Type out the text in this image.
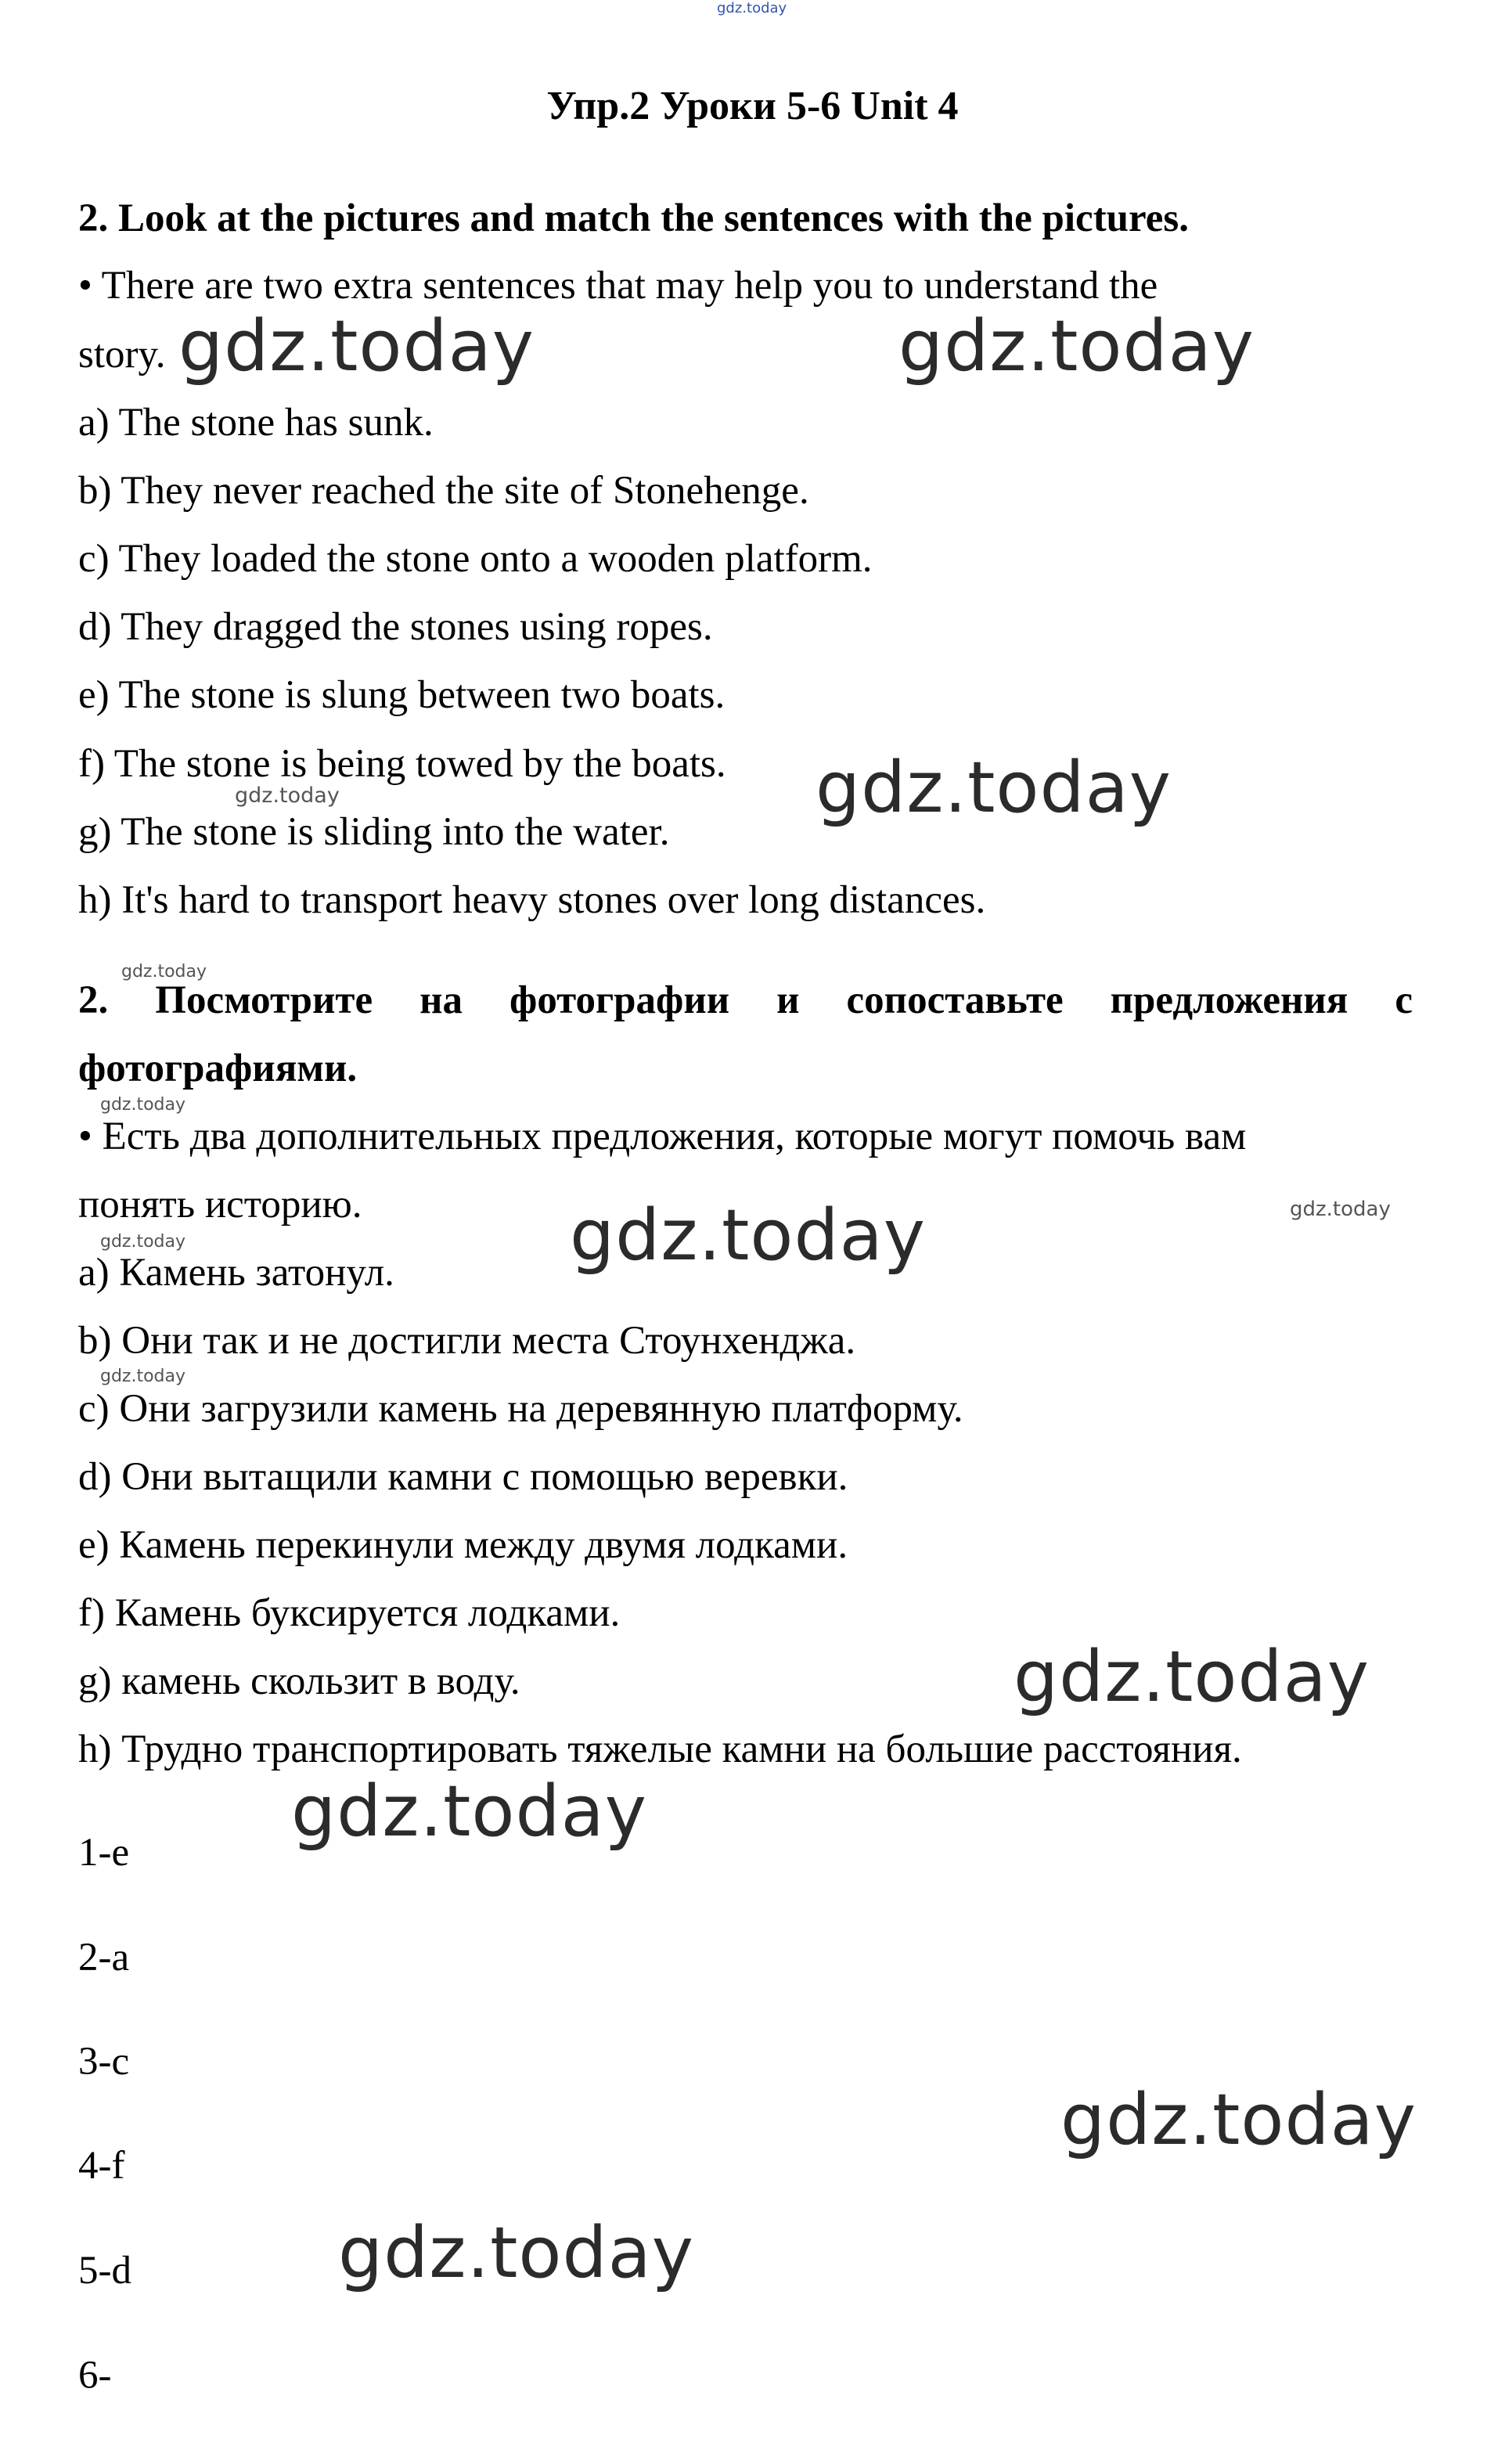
gdz.today

Упр.2 Уроки 5-6 Unit 4

2. Look at the pictures and match the sentences with the pictures.

• There are two extra sentences that may help you to understand the

story.

a) The stone has sunk.

b) They never reached the site of Stonehenge.

c) They loaded the stone onto a wooden platform.

d) They dragged the stones using ropes.

e) The stone is slung between two boats.

f) The stone is being towed by the boats.

g) The stone is sliding into the water.

h) It's hard to transport heavy stones over long distances.

2. Посмотрите на фотографии и сопоставьте предложения с

фотографиями.

• Есть два дополнительных предложения, которые могут помочь вам

понять историю.

a) Камень затонул.

b) Они так и не достигли места Стоунхенджа.

c) Они загрузили камень на деревянную платформу.

d) Они вытащили камни с помощью веревки.

e) Камень перекинули между двумя лодками.

f) Камень буксируется лодками.

g) камень скользит в воду.

h) Трудно транспортировать тяжелые камни на большие расстояния.

1-e

2-a

3-c

4-f

5-d

6-

gdz.today	gdz.today

gdz.today

gdz.today

gdz.today

gdz.today

gdz.today	gdz.today

gdz.today

gdz.today

gdz.today

gdz.today

gdz.today

gdz.today
